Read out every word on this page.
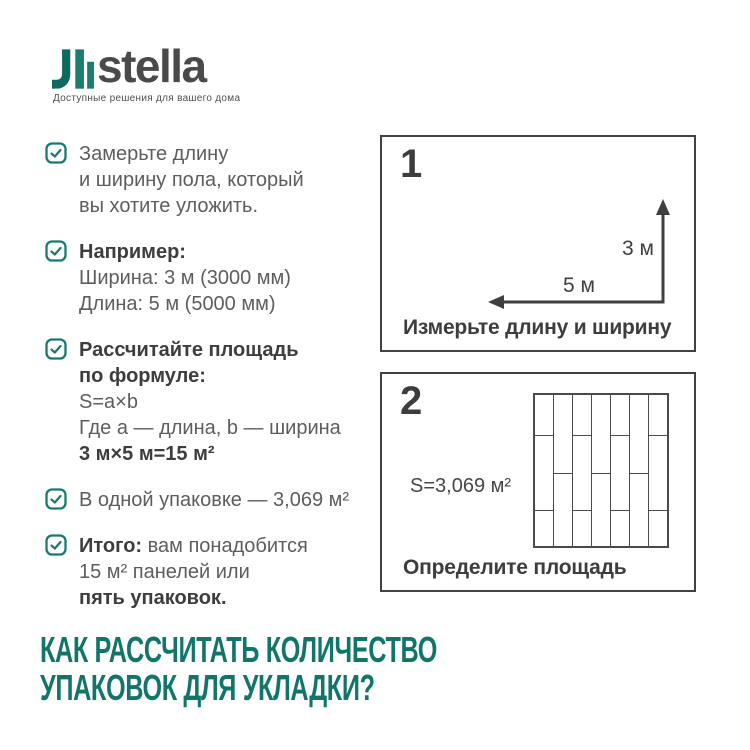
stella
Доступные решения для вашего дома
Замерьте длину
и ширину пола, который
вы хотите уложить.
Например:
Ширина: 3 м (3000 мм)
Длина: 5 м (5000 мм)
Рассчитайте площадь
по формуле:
S=a×b
Где a — длина, b — ширина
3 м×5 м=15 м²
В одной упаковке — 3,069 м²
Итого: вам понадобится
15 м² панелей или
пять упаковок.
1
3 м
5 м
Измерьте длину и ширину
2
S=3,069 м²
Определите площадь
КАК РАССЧИТАТЬ КОЛИЧЕСТВО
УПАКОВОК ДЛЯ УКЛАДКИ?
